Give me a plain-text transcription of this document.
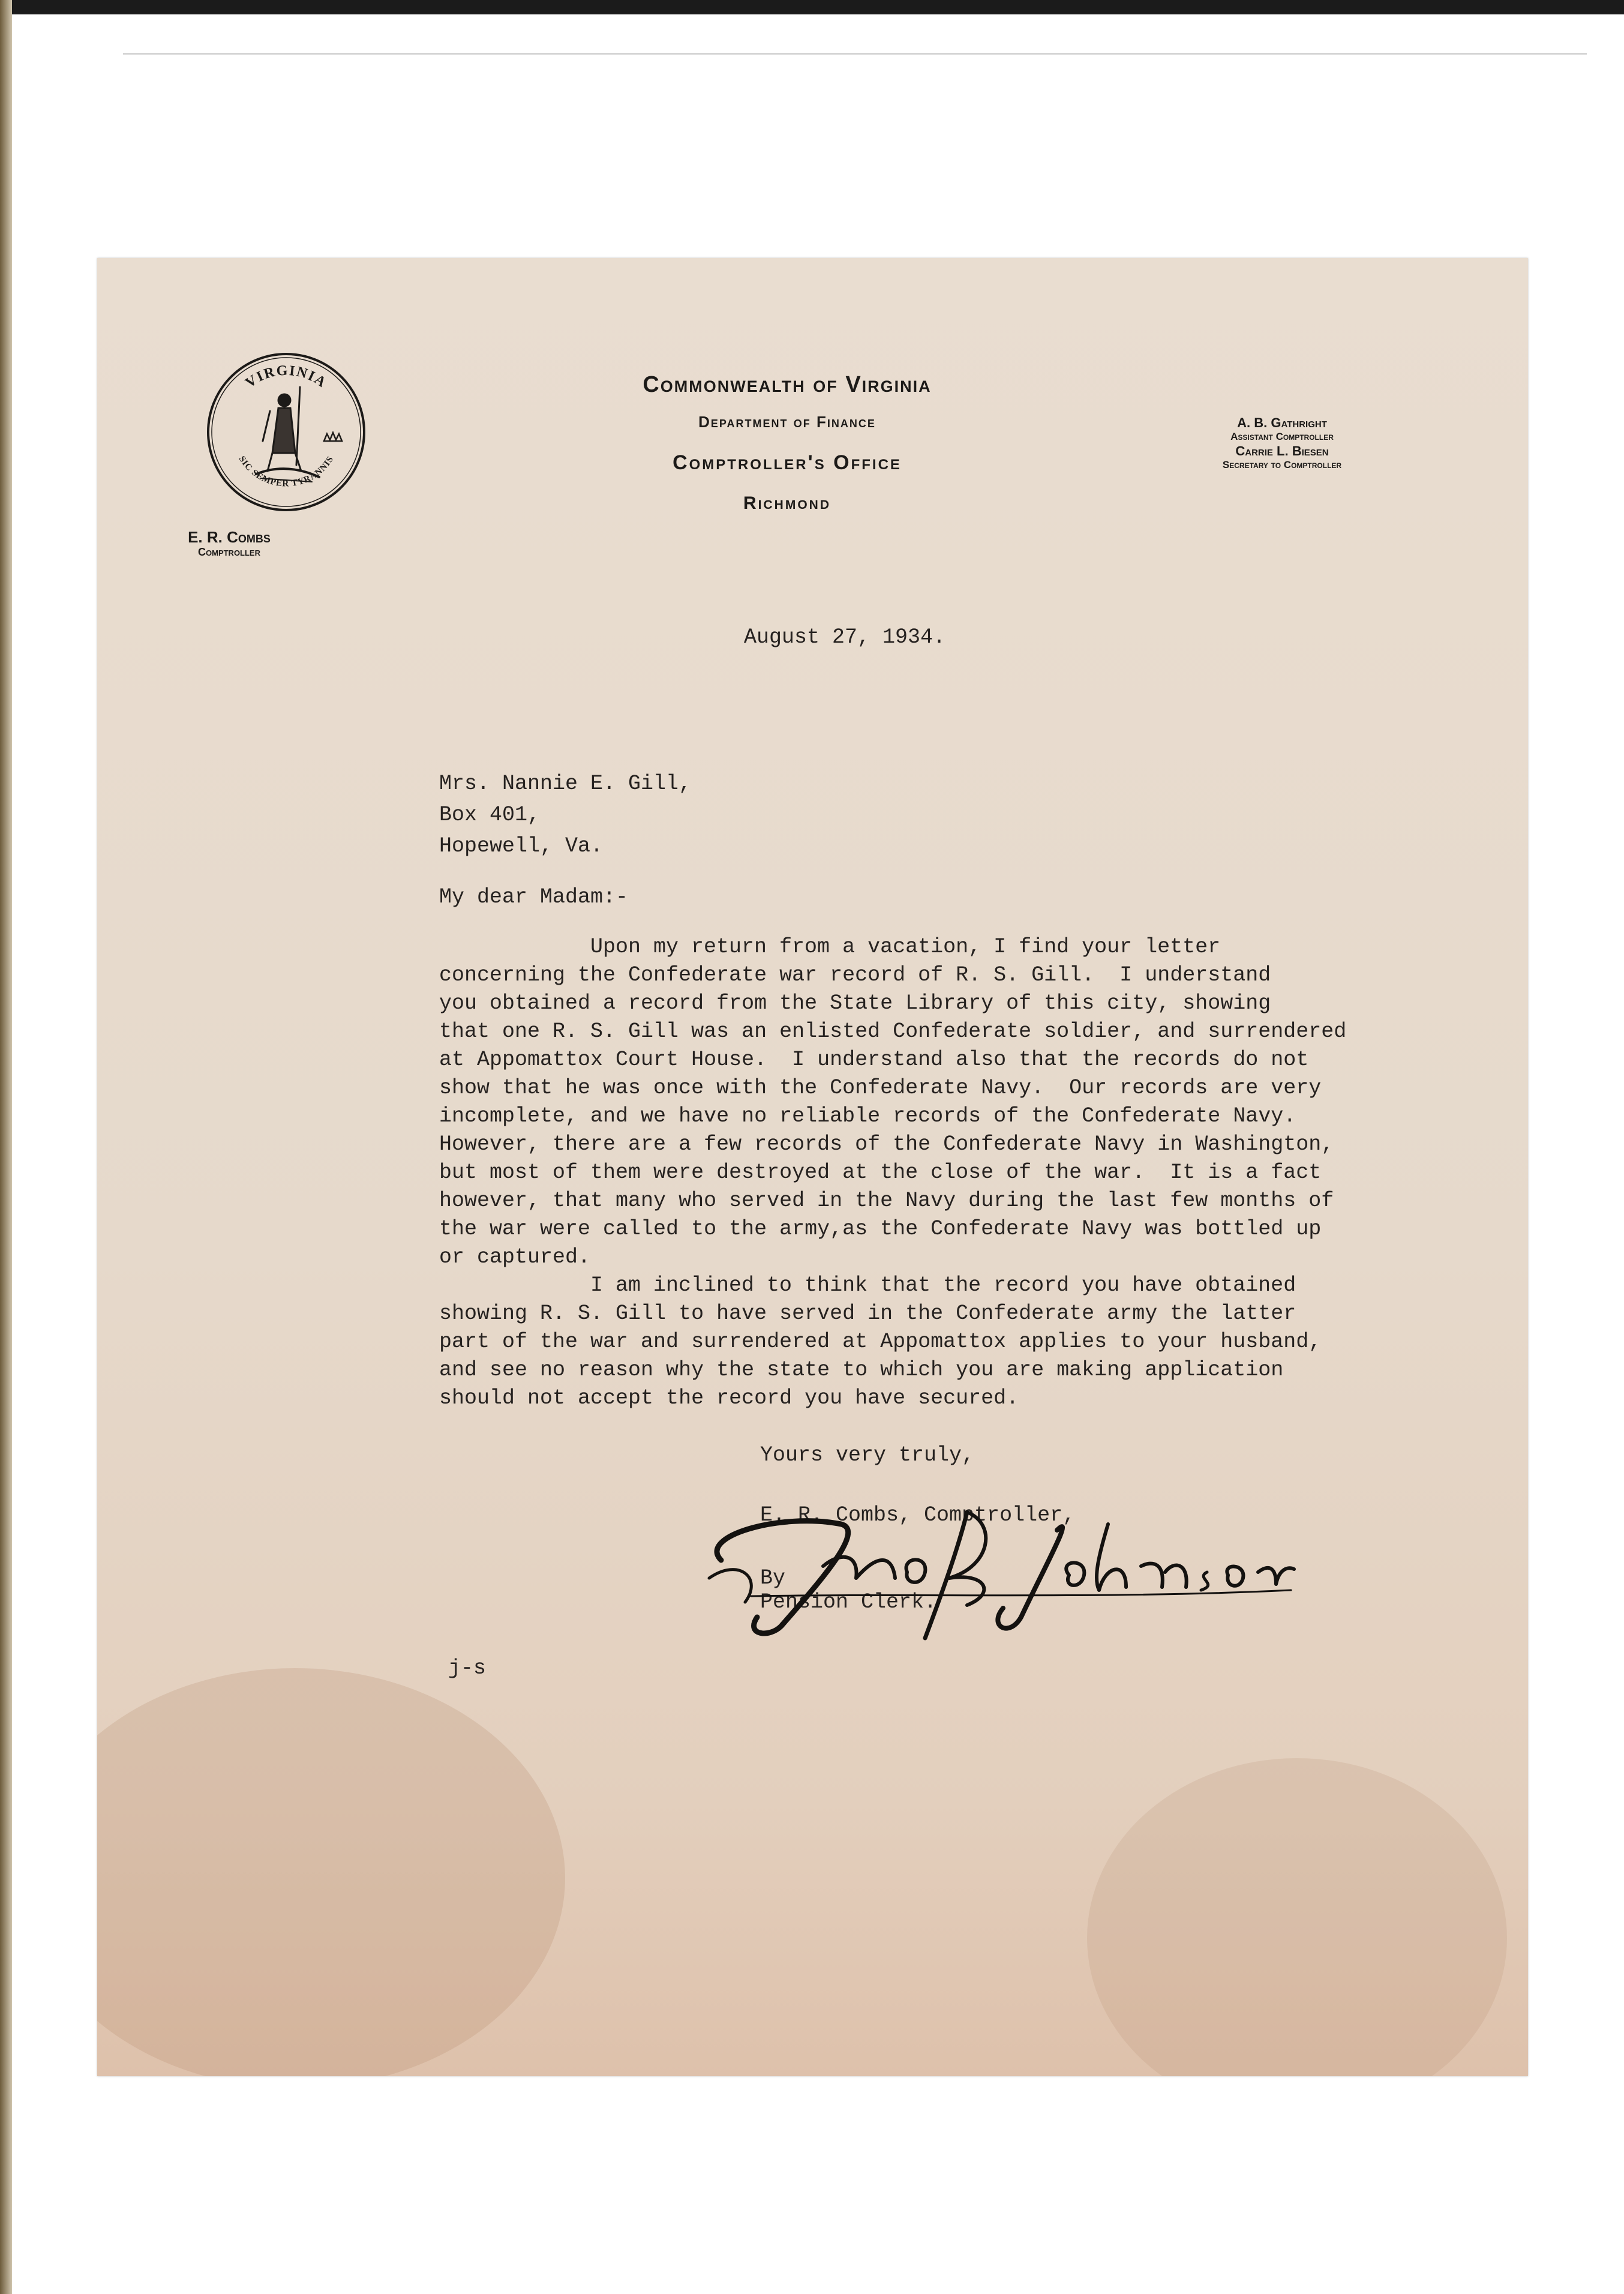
VIRGINIA
SIC SEMPER TYRANNIS
E. R. Combs
Comptroller
Commonwealth of Virginia
Department of Finance
Comptroller's Office
Richmond
A. B. Gathright
Assistant Comptroller
Carrie L. Biesen
Secretary to Comptroller
August 27, 1934.
Mrs. Nannie E. Gill,
Box 401,
Hopewell, Va.
My dear Madam:-
Upon my return from a vacation, I find your letter
concerning the Confederate war record of R. S. Gill.  I understand
you obtained a record from the State Library of this city, showing
that one R. S. Gill was an enlisted Confederate soldier, and surrendered
at Appomattox Court House.  I understand also that the records do not
show that he was once with the Confederate Navy.  Our records are very
incomplete, and we have no reliable records of the Confederate Navy.
However, there are a few records of the Confederate Navy in Washington,
but most of them were destroyed at the close of the war.  It is a fact
however, that many who served in the Navy during the last few months of
the war were called to the army,as the Confederate Navy was bottled up
or captured.
I am inclined to think that the record you have obtained
showing R. S. Gill to have served in the Confederate army the latter
part of the war and surrendered at Appomattox applies to your husband,
and see no reason why the state to which you are making application
should not accept the record you have secured.
Yours very truly,
E. R. Combs, Comptroller,
By
Pension Clerk.
j-s
